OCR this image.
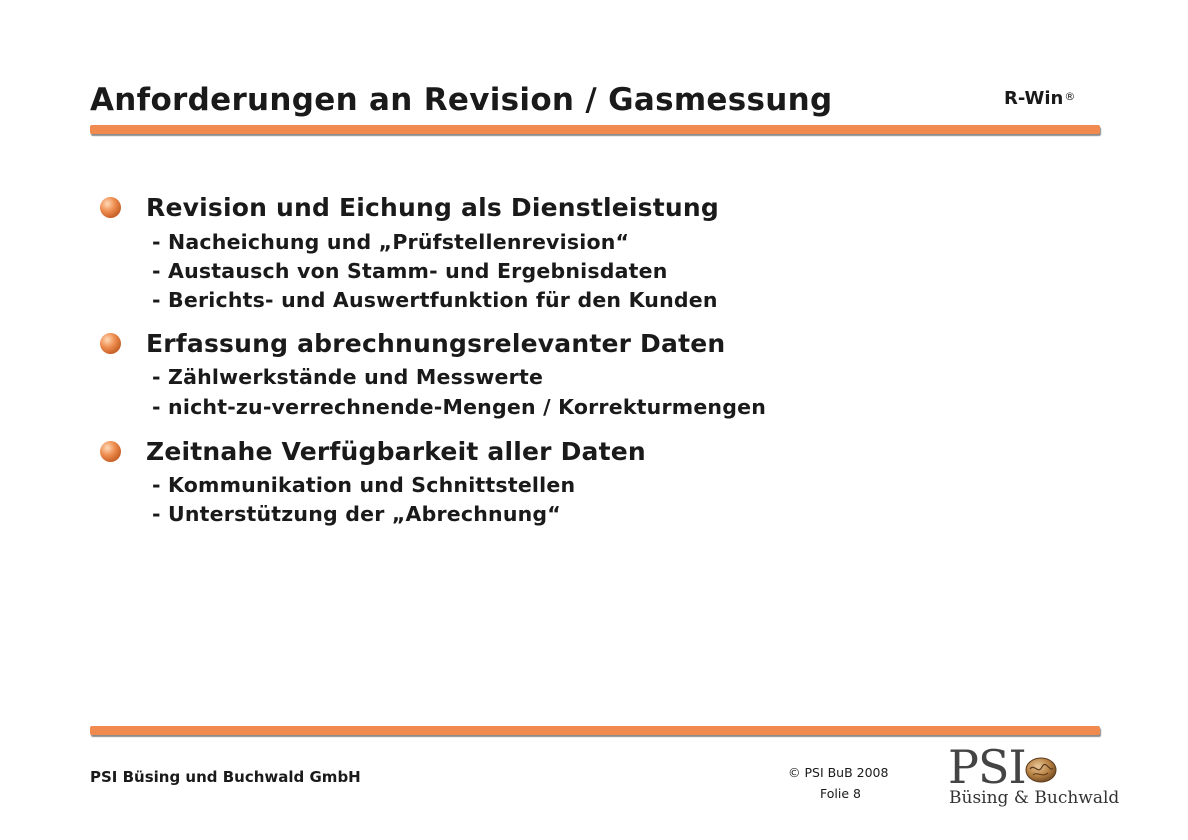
Anforderungen an Revision / Gasmessung	R-Win®
Revision und Eichung als Dienstleistung
- Nacheichung und „Prüfstellenrevision“
- Austausch von Stamm- und Ergebnisdaten
- Berichts- und Auswertfunktion für den Kunden
Erfassung abrechnungsrelevanter Daten
- Zählwerkstände und Messwerte
- nicht-zu-verrechnende-Mengen / Korrekturmengen
Zeitnahe Verfügbarkeit aller Daten
- Kommunikation und Schnittstellen
- Unterstützung der „Abrechnung“
PSI Büsing und Buchwald GmbH	© PSI BuB 2008
Folie 8 PSI
Büsing & Buchwald
